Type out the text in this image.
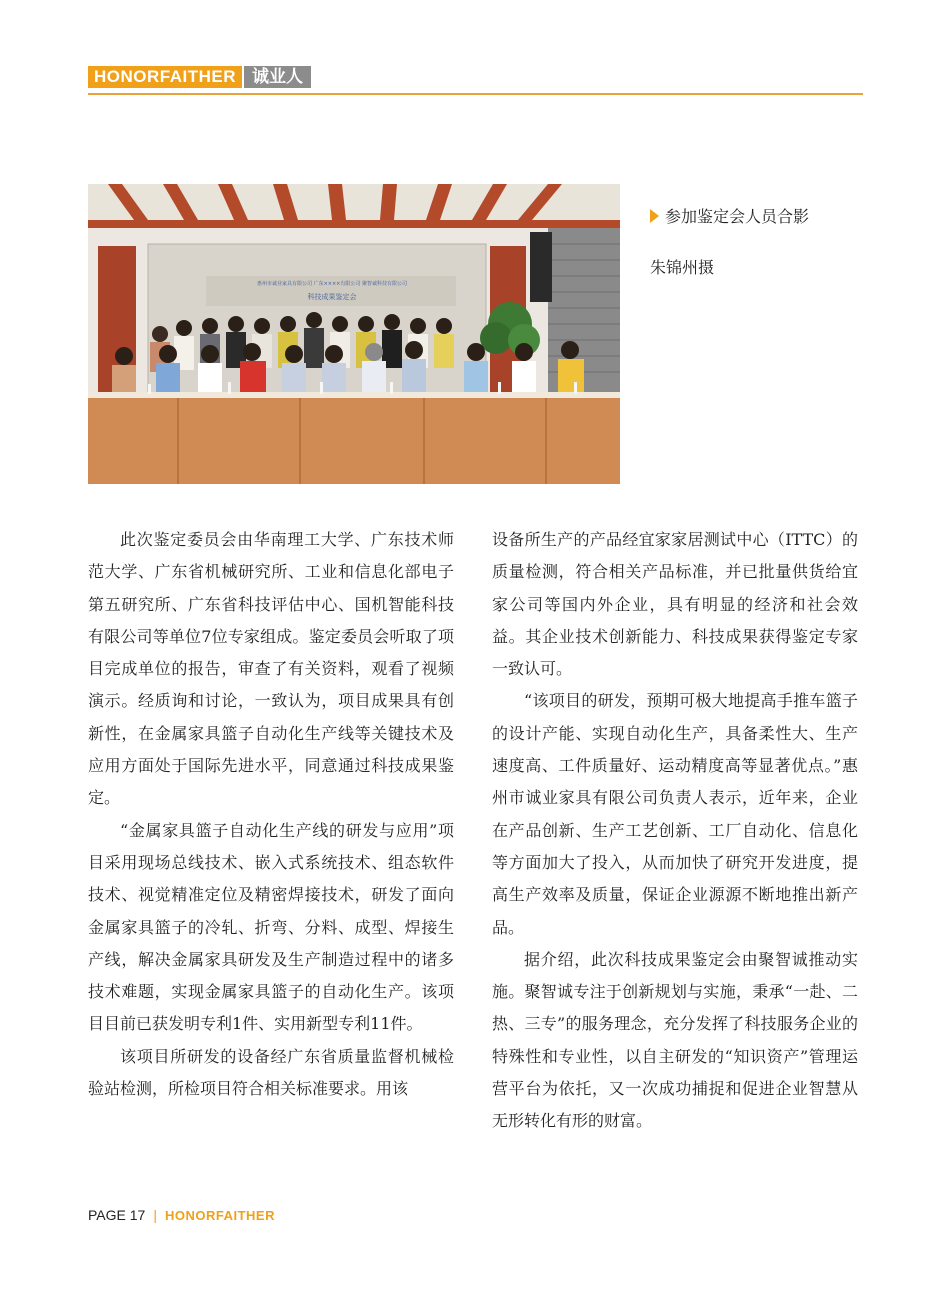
HONORFAITHER 诚业人
惠州市诚业家具有限公司 广东××××有限公司 聚智诚科技有限公司
科技成果鉴定会
参加鉴定会人员合影
朱锦州摄

此次鉴定委员会由华南理工大学、广东技术师范大学、广东省机械研究所、工业和信息化部电子第五研究所、广东省科技评估中心、国机智能科技有限公司等单位7位专家组成。鉴定委员会听取了项目完成单位的报告，审查了有关资料，观看了视频演示。经质询和讨论，一致认为，项目成果具有创新性，在金属家具篮子自动化生产线等关键技术及应用方面处于国际先进水平，同意通过科技成果鉴定。

“金属家具篮子自动化生产线的研发与应用”项目采用现场总线技术、嵌入式系统技术、组态软件技术、视觉精准定位及精密焊接技术，研发了面向金属家具篮子的冷轧、折弯、分料、成型、焊接生产线，解决金属家具研发及生产制造过程中的诸多技术难题，实现金属家具篮子的自动化生产。该项目目前已获发明专利1件、实用新型专利11件。

该项目所研发的设备经广东省质量监督机械检验站检测，所检项目符合相关标准要求。用该

设备所生产的产品经宜家家居测试中心（ITTC）的质量检测，符合相关产品标准，并已批量供货给宜家公司等国内外企业，具有明显的经济和社会效益。其企业技术创新能力、科技成果获得鉴定专家一致认可。

“该项目的研发，预期可极大地提高手推车篮子的设计产能、实现自动化生产，具备柔性大、生产速度高、工件质量好、运动精度高等显著优点。”惠州市诚业家具有限公司负责人表示，近年来，企业在产品创新、生产工艺创新、工厂自动化、信息化等方面加大了投入，从而加快了研究开发进度，提高生产效率及质量，保证企业源源不断地推出新产品。

据介绍，此次科技成果鉴定会由聚智诚推动实施。聚智诚专注于创新规划与实施，秉承“一赴、二热、三专”的服务理念，充分发挥了科技服务企业的特殊性和专业性，以自主研发的“知识资产”管理运营平台为依托，又一次成功捕捉和促进企业智慧从无形转化有形的财富。

PAGE 17 | HONORFAITHER
